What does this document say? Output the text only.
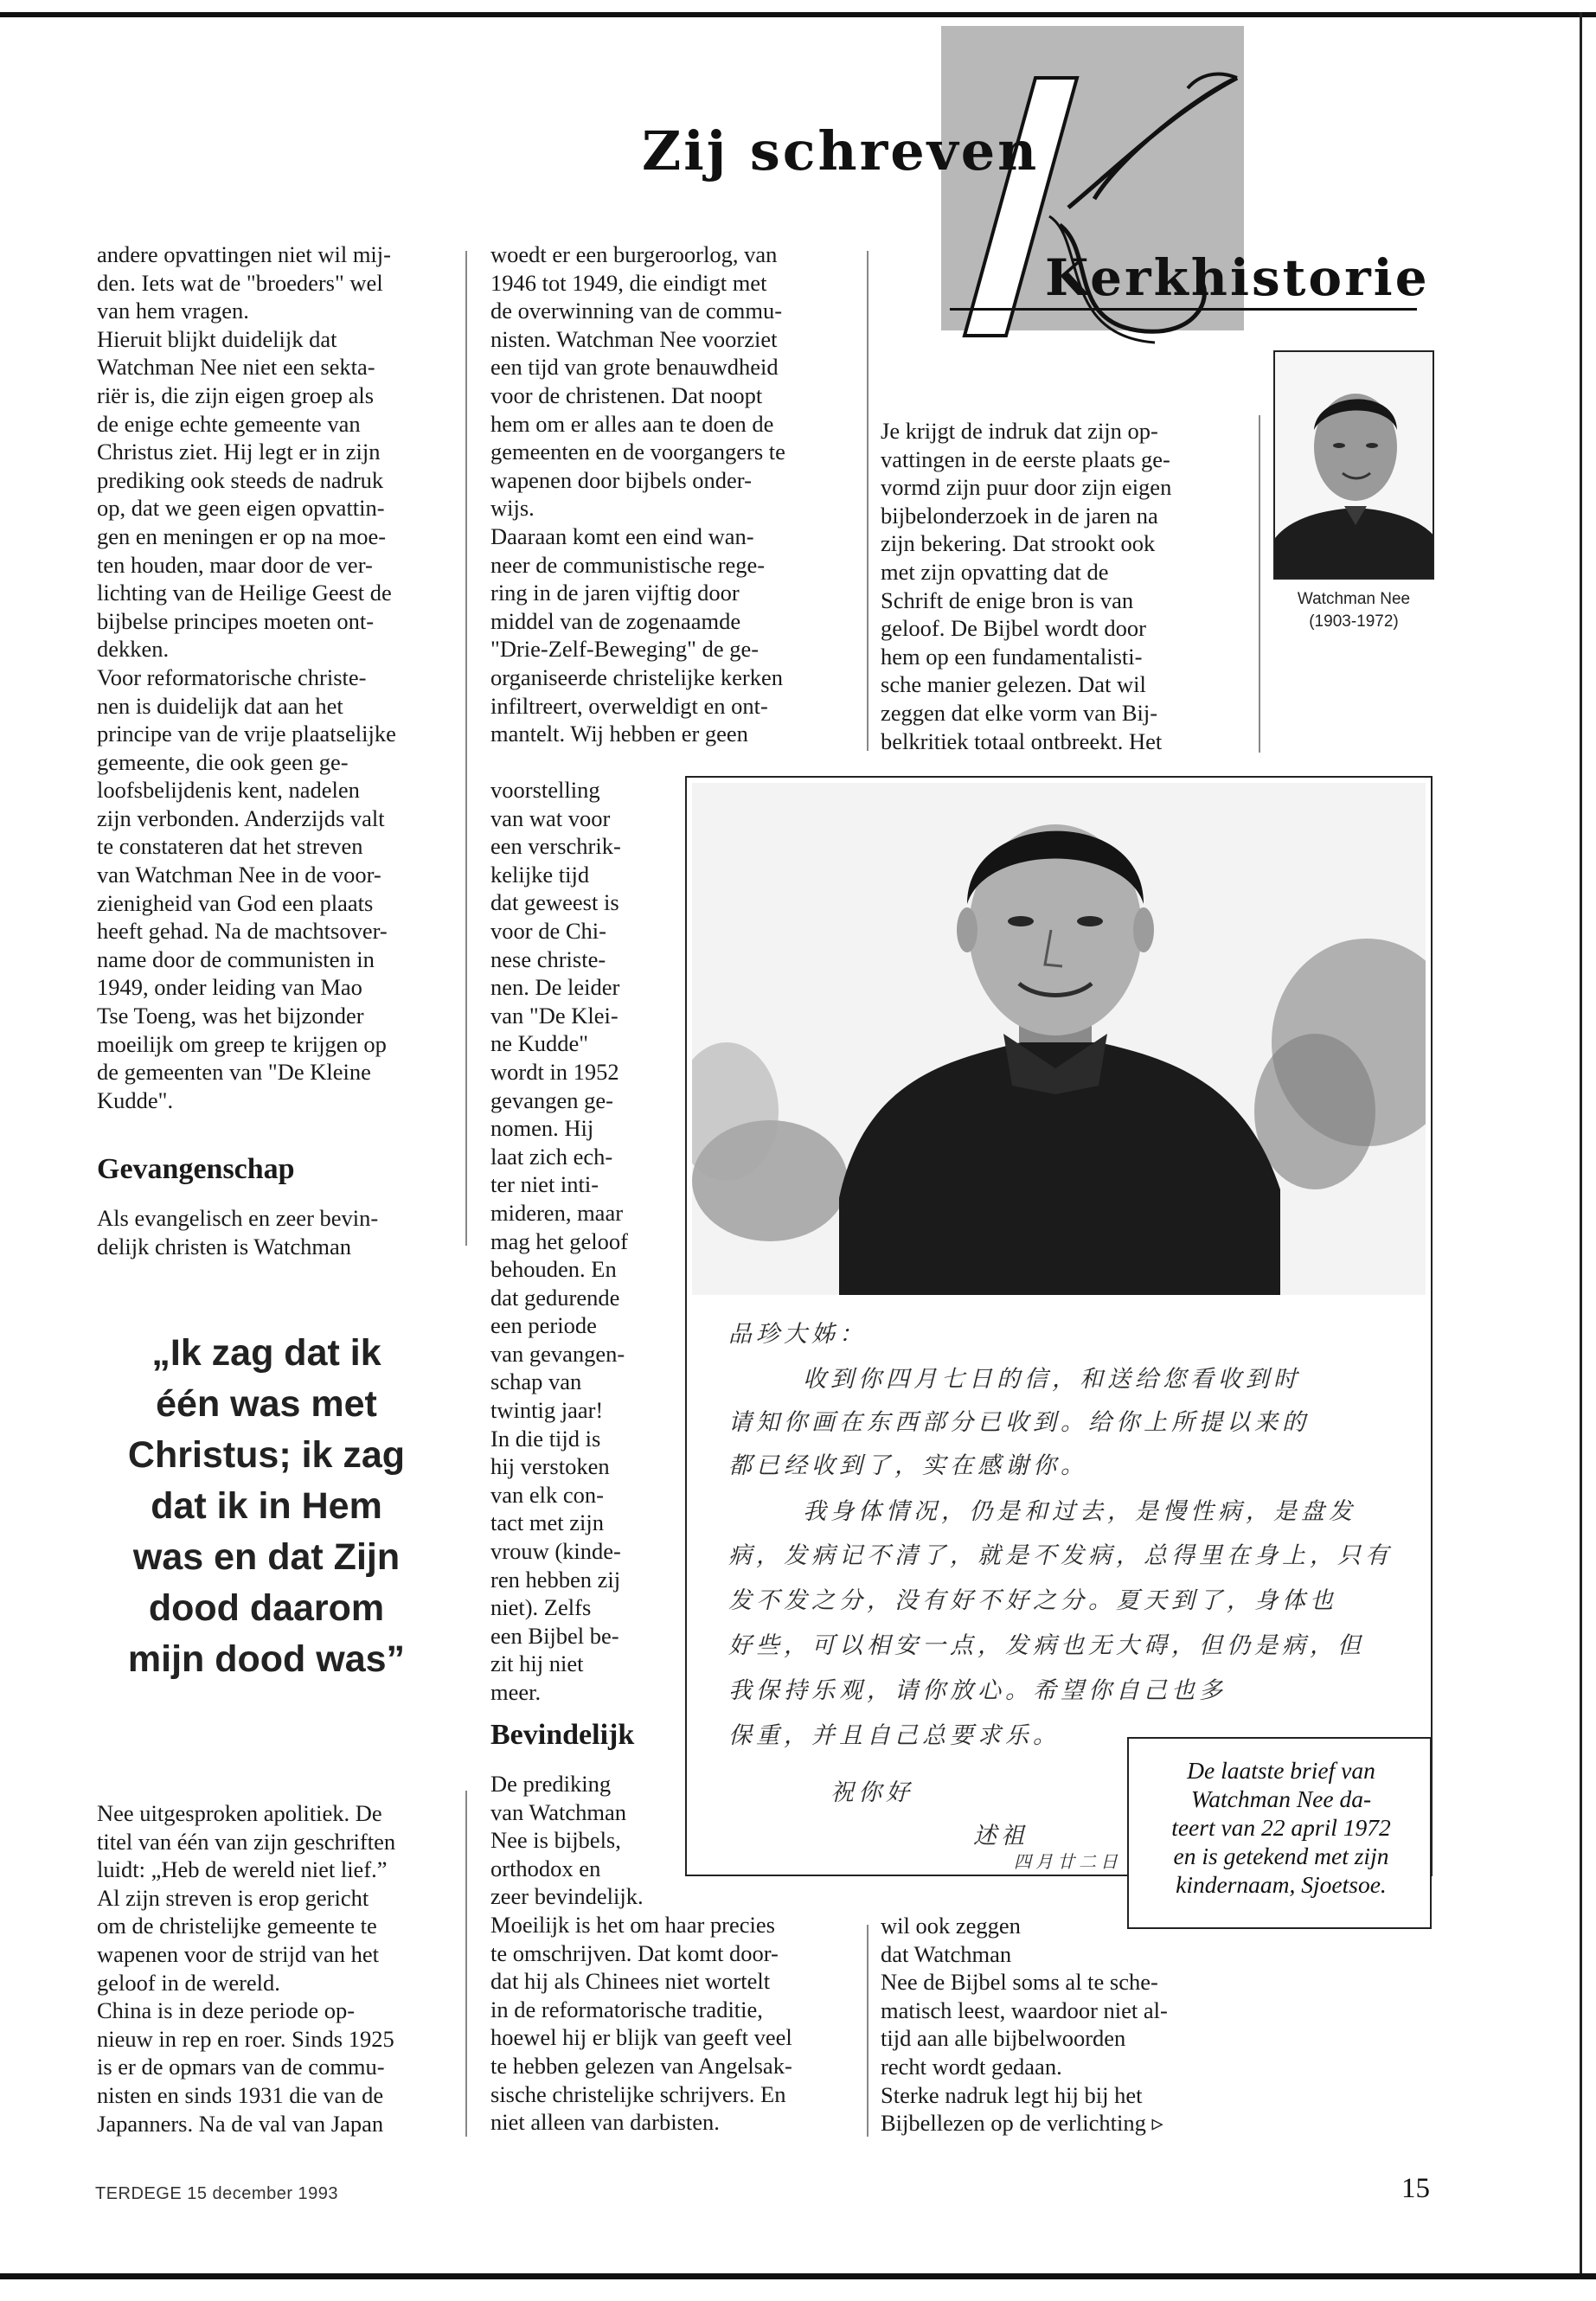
Zij schreven
Kerkhistorie

andere opvattingen niet wil mij-
den. Iets wat de "broeders" wel
van hem vragen.

Hieruit blijkt duidelijk dat
Watchman Nee niet een sekta-
riër is, die zijn eigen groep als
de enige echte gemeente van
Christus ziet. Hij legt er in zijn
prediking ook steeds de nadruk
op, dat we geen eigen opvattin-
gen en meningen er op na moe-
ten houden, maar door de ver-
lichting van de Heilige Geest de
bijbelse principes moeten ont-
dekken.

Voor reformatorische christe-
nen is duidelijk dat aan het
principe van de vrije plaatselijke
gemeente, die ook geen ge-
loofsbelijdenis kent, nadelen
zijn verbonden. Anderzijds valt
te constateren dat het streven
van Watchman Nee in de voor-
zienigheid van God een plaats
heeft gehad. Na de machtsover-
name door de communisten in
1949, onder leiding van Mao
Tse Toeng, was het bijzonder
moeilijk om greep te krijgen op
de gemeenten van "De Kleine
Kudde".

Gevangenschap
Als evangelisch en zeer bevin-
delijk christen is Watchman
„Ik zag dat ik
één was met
Christus; ik zag
dat ik in Hem
was en dat Zijn
dood daarom
mijn dood was”
Nee uitgesproken apolitiek. De
titel van één van zijn geschriften
luidt: „Heb de wereld niet lief.”
Al zijn streven is erop gericht
om de christelijke gemeente te
wapenen voor de strijd van het
geloof in de wereld.
China is in deze periode op-
nieuw in rep en roer. Sinds 1925
is er de opmars van de commu-
nisten en sinds 1931 die van de
Japanners. Na de val van Japan
woedt er een burgeroorlog, van
1946 tot 1949, die eindigt met
de overwinning van de commu-
nisten. Watchman Nee voorziet
een tijd van grote benauwdheid
voor de christenen. Dat noopt
hem om er alles aan te doen de
gemeenten en de voorgangers te
wapenen door bijbels onder-
wijs.
Daaraan komt een eind wan-
neer de communistische rege-
ring in de jaren vijftig door
middel van de zogenaamde
"Drie-Zelf-Beweging" de ge-
organiseerde christelijke kerken
infiltreert, overweldigt en ont-
mantelt. Wij hebben er geen
voorstelling
van wat voor
een verschrik-
kelijke tijd
dat geweest is
voor de Chi-
nese christe-
nen. De leider
van "De Klei-
ne Kudde"
wordt in 1952
gevangen ge-
nomen. Hij
laat zich ech-
ter niet inti-
mideren, maar
mag het geloof
behouden. En
dat gedurende
een periode
van gevangen-
schap van
twintig jaar!
In die tijd is
hij verstoken
van elk con-
tact met zijn
vrouw (kinde-
ren hebben zij
niet). Zelfs
een Bijbel be-
zit hij niet
meer.
Bevindelijk
De prediking
van Watchman
Nee is bijbels,
orthodox en
zeer bevindelijk.
Moeilijk is het om haar precies
te omschrijven. Dat komt door-
dat hij als Chinees niet wortelt
in de reformatorische traditie,
hoewel hij er blijk van geeft veel
te hebben gelezen van Angelsak-
sische christelijke schrijvers. En
niet alleen van darbisten.
Je krijgt de indruk dat zijn op-
vattingen in de eerste plaats ge-
vormd zijn puur door zijn eigen
bijbelonderzoek in de jaren na
zijn bekering. Dat strookt ook
met zijn opvatting dat de
Schrift de enige bron is van
geloof. De Bijbel wordt door
hem op een fundamentalisti-
sche manier gelezen. Dat wil
zeggen dat elke vorm van Bij-
belkritiek totaal ontbreekt. Het
wil ook zeggen
dat Watchman
Nee de Bijbel soms al te sche-
matisch leest, waardoor niet al-
tijd aan alle bijbelwoorden
recht wordt gedaan.
Sterke nadruk legt hij bij het
Bijbellezen op de verlichting ▹
Watchman Nee
(1903-1972)
品珍大姊：
收到你四月七日的信，和送给您看收到时
请知你画在东西部分已收到。给你上所提以来的
都已经收到了，实在感谢你。
我身体情况，仍是和过去，是慢性病，是盘发
病，发病记不清了，就是不发病，总得里在身上，只有
发不发之分，没有好不好之分。夏天到了，身体也
好些，可以相安一点，发病也无大碍，但仍是病，但
我保持乐观，请你放心。希望你自己也多
保重，并且自己总要求乐。
祝你好
述祖
四月廿二日
De laatste brief van
Watchman Nee da-
teert van 22 april 1972
en is getekend met zijn
kindernaam, Sjoetsoe.
TERDEGE 15 december 1993	15
